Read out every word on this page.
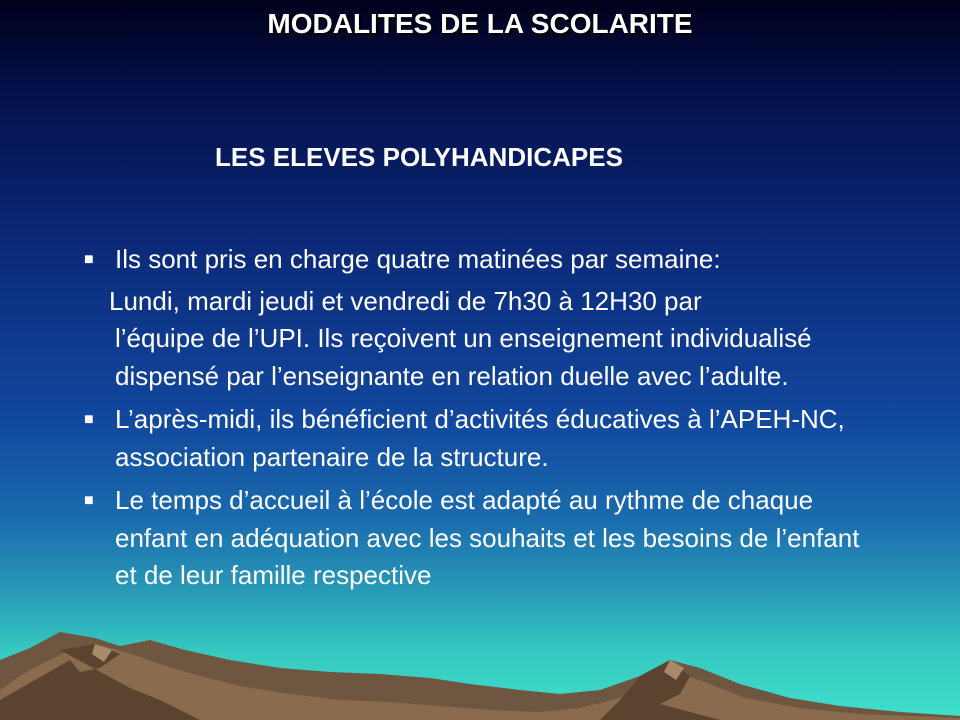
MODALITES DE LA SCOLARITE
LES ELEVES POLYHANDICAPES
■ Ils sont pris en charge quatre matinées par semaine:
Lundi, mardi jeudi et vendredi de 7h30 à 12H30 par
l’équipe de l’UPI. Ils reçoivent un enseignement individualisé dispensé par l’enseignante en relation duelle avec l’adulte.
■ L’après-midi, ils bénéficient d’activités éducatives à l’APEH-NC, association partenaire de la structure.
■ Le temps d’accueil à l’école est adapté au rythme de chaque enfant en adéquation avec les souhaits et les besoins de l’enfant et de leur famille respective
